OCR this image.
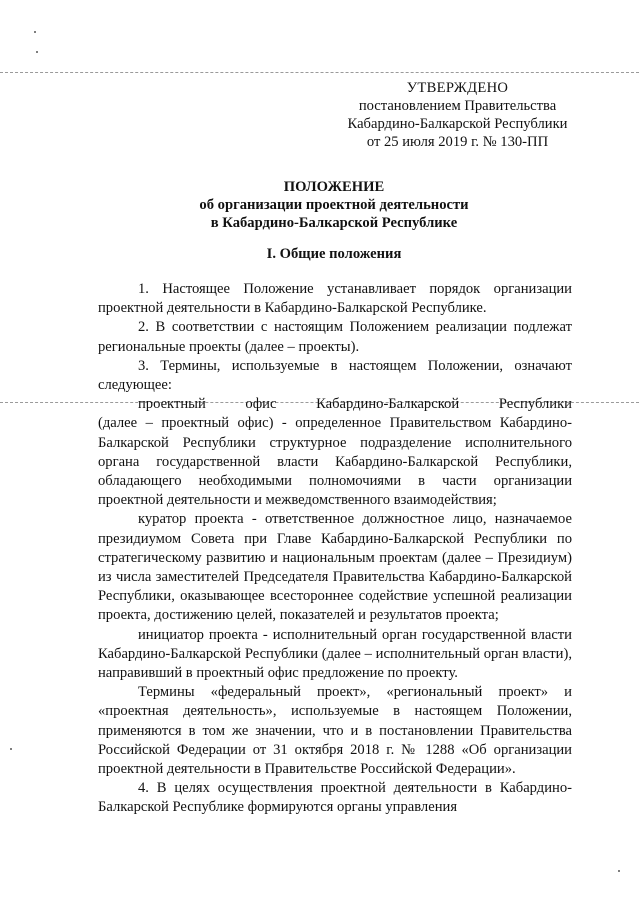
УТВЕРЖДЕНО
постановлением Правительства
Кабардино-Балкарской Республики
от 25 июля 2019 г. № 130-ПП
ПОЛОЖЕНИЕ
об организации проектной деятельности
в Кабардино-Балкарской Республике
I. Общие положения

1. Настоящее Положение устанавливает порядок организации проектной деятельности в Кабардино-Балкарской Республике.

2. В соответствии с настоящим Положением реализации подлежат региональные проекты (далее – проекты).

3. Термины, используемые в настоящем Положении, означают следующее:

проектный офис Кабардино-Балкарской Республики

(далее – проектный офис) - определенное Правительством Кабардино-Балкарской Республики структурное подразделение исполнительного органа государственной власти Кабардино-Балкарской Республики, обладающего необходимыми полномочиями в части организации проектной деятельности и межведомственного взаимодействия;

куратор проекта - ответственное должностное лицо, назначаемое президиумом Совета при Главе Кабардино-Балкарской Республики по стратегическому развитию и национальным проектам (далее – Президиум) из числа заместителей Председателя Правительства Кабардино-Балкарской Республики, оказывающее всестороннее содействие успешной реализации проекта, достижению целей, показателей и результатов проекта;

инициатор проекта - исполнительный орган государственной власти Кабардино-Балкарской Республики (далее – исполнительный орган власти), направивший в проектный офис предложение по проекту.

Термины «федеральный проект», «региональный проект» и «проектная деятельность», используемые в настоящем Положении, применяются в том же значении, что и в постановлении Правительства Российской Федерации от 31 октября 2018 г. № 1288 «Об организации проектной деятельности в Правительстве Российской Федерации».

4. В целях осуществления проектной деятельности в Кабардино-Балкарской Республике формируются органы управления
